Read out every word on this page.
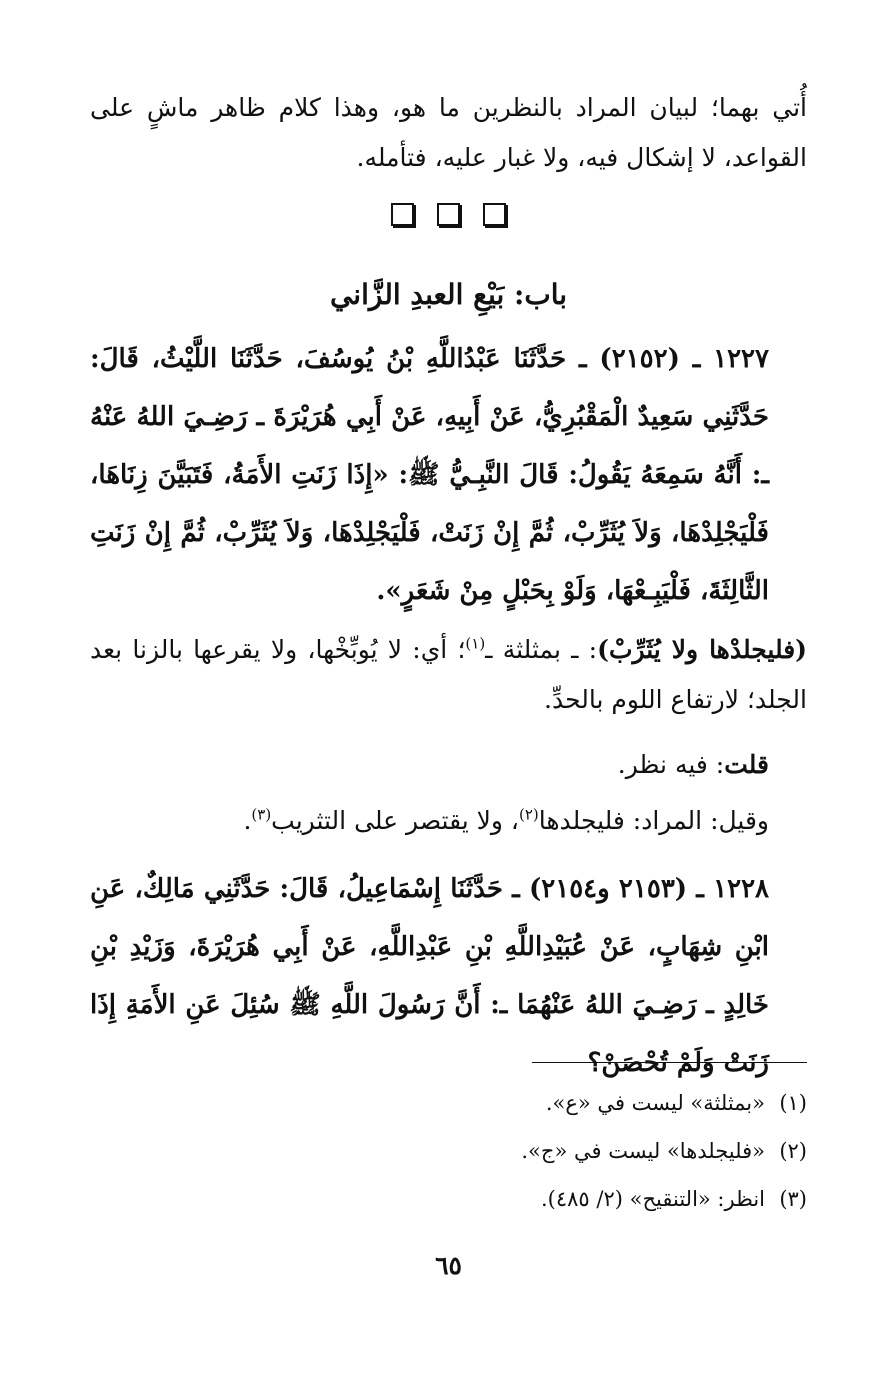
أُتي بهما؛ لبيان المراد بالنظرين ما هو، وهذا كلام ظاهر ماشٍ على القواعد، لا إشكال فيه، ولا غبار عليه، فتأمله.

باب: بَيْعِ العبدِ الزَّاني

١٢٢٧ ـ (٢١٥٢) ـ حَدَّثَنَا عَبْدُاللَّهِ بْنُ يُوسُفَ، حَدَّثَنَا اللَّيْثُ، قَالَ: حَدَّثَنِي سَعِيدٌ الْمَقْبُرِيُّ، عَنْ أَبِيهِ، عَنْ أَبِي هُرَيْرَةَ ـ رَضِـيَ اللهُ عَنْهُ ـ: أَنَّهُ سَمِعَهُ يَقُولُ: قَالَ النَّبِـيُّ ﷺ: «إِذَا زَنَتِ الأَمَةُ، فَتَبَيَّنَ زِنَاهَا، فَلْيَجْلِدْهَا، وَلاَ يُثَرِّبْ، ثُمَّ إِنْ زَنَتْ، فَلْيَجْلِدْهَا، وَلاَ يُثَرِّبْ، ثُمَّ إِنْ زَنَتِ الثَّالِثَةَ، فَلْيَبِـعْهَا، وَلَوْ بِحَبْلٍ مِنْ شَعَرٍ».

(فليجلدْها ولا يُثَرِّبْ): ـ بمثلثة ـ$^{(١)}$؛ أي: لا يُوبِّخْها، ولا يقرعها بالزنا بعد الجلد؛ لارتفاع اللوم بالحدِّ.

قلت: فيه نظر.

وقيل: المراد: فليجلدها$^{(٢)}$، ولا يقتصر على التثريب$^{(٣)}$.

١٢٢٨ ـ (٢١٥٣ و٢١٥٤) ـ حَدَّثَنَا إِسْمَاعِيلُ، قَالَ: حَدَّثَنِي مَالِكٌ، عَنِ ابْنِ شِهَابٍ، عَنْ عُبَيْدِاللَّهِ بْنِ عَبْدِاللَّهِ، عَنْ أَبِي هُرَيْرَةَ، وَزَيْدِ بْنِ خَالِدٍ ـ رَضِـيَ اللهُ عَنْهُمَا ـ: أَنَّ رَسُولَ اللَّهِ ﷺ سُئِلَ عَنِ الأَمَةِ إِذَا زَنَتْ وَلَمْ تُحْصَنْ؟

(١)«بمثلثة» ليست في «ع».

(٢)«فليجلدها» ليست في «ج».

(٣)انظر: «التنقيح» (٢/ ٤٨٥).

٦٥
